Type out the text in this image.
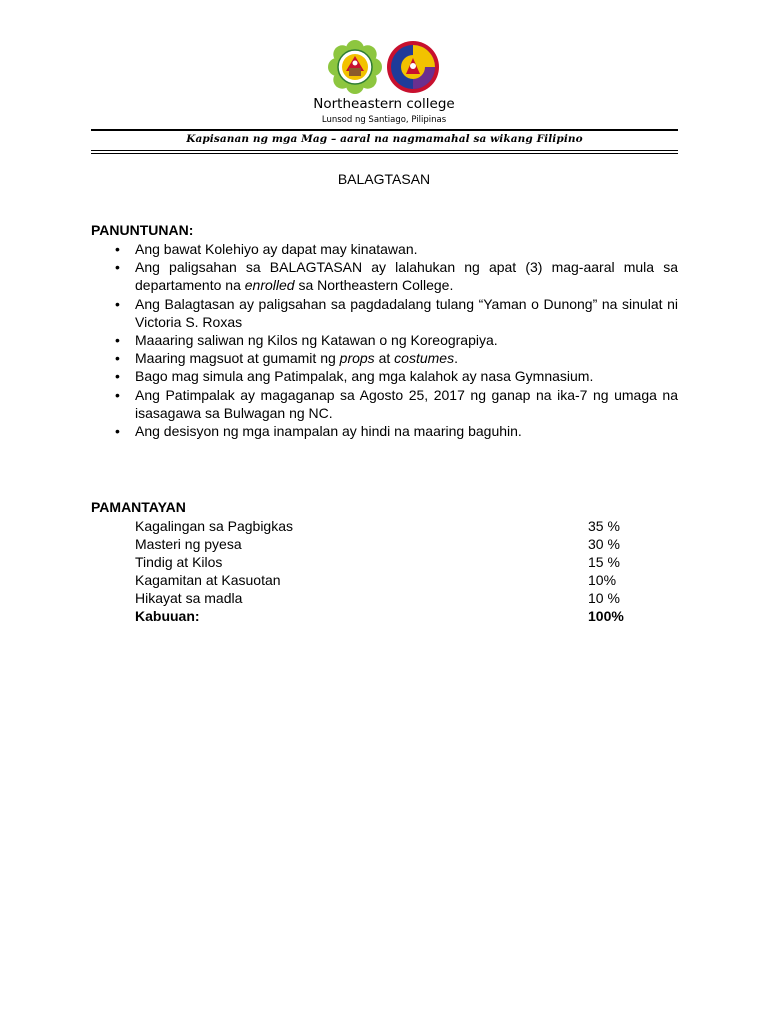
Northeastern college
Lunsod ng Santiago, Pilipinas
Kapisanan ng mga Mag – aaral na nagmamahal sa wikang Filipino
BALAGTASAN
PANUNTUNAN:
• Ang bawat Kolehiyo ay dapat may kinatawan.
• Ang paligsahan sa BALAGTASAN ay lalahukan ng apat (3) mag-aaral mula sa departamento na enrolled sa Northeastern College.
• Ang Balagtasan ay paligsahan sa pagdadalang tulang “Yaman o Dunong” na sinulat ni Victoria S. Roxas
• Maaaring saliwan ng Kilos ng Katawan o ng Koreograpiya.
• Maaring magsuot at gumamit ng props at costumes.
• Bago mag simula ang Patimpalak, ang mga kalahok ay nasa Gymnasium.
• Ang Patimpalak ay magaganap sa Agosto 25, 2017 ng ganap na ika-7 ng umaga na isasagawa sa Bulwagan ng NC.
• Ang desisyon ng mga inampalan ay hindi na maaring baguhin.
PAMANTAYAN
Kagalingan sa Pagbigkas	35 %
Masteri ng pyesa	30 %
Tindig at Kilos	15 %
Kagamitan at Kasuotan	10%
Hikayat sa madla	10 %
Kabuuan:	100%
